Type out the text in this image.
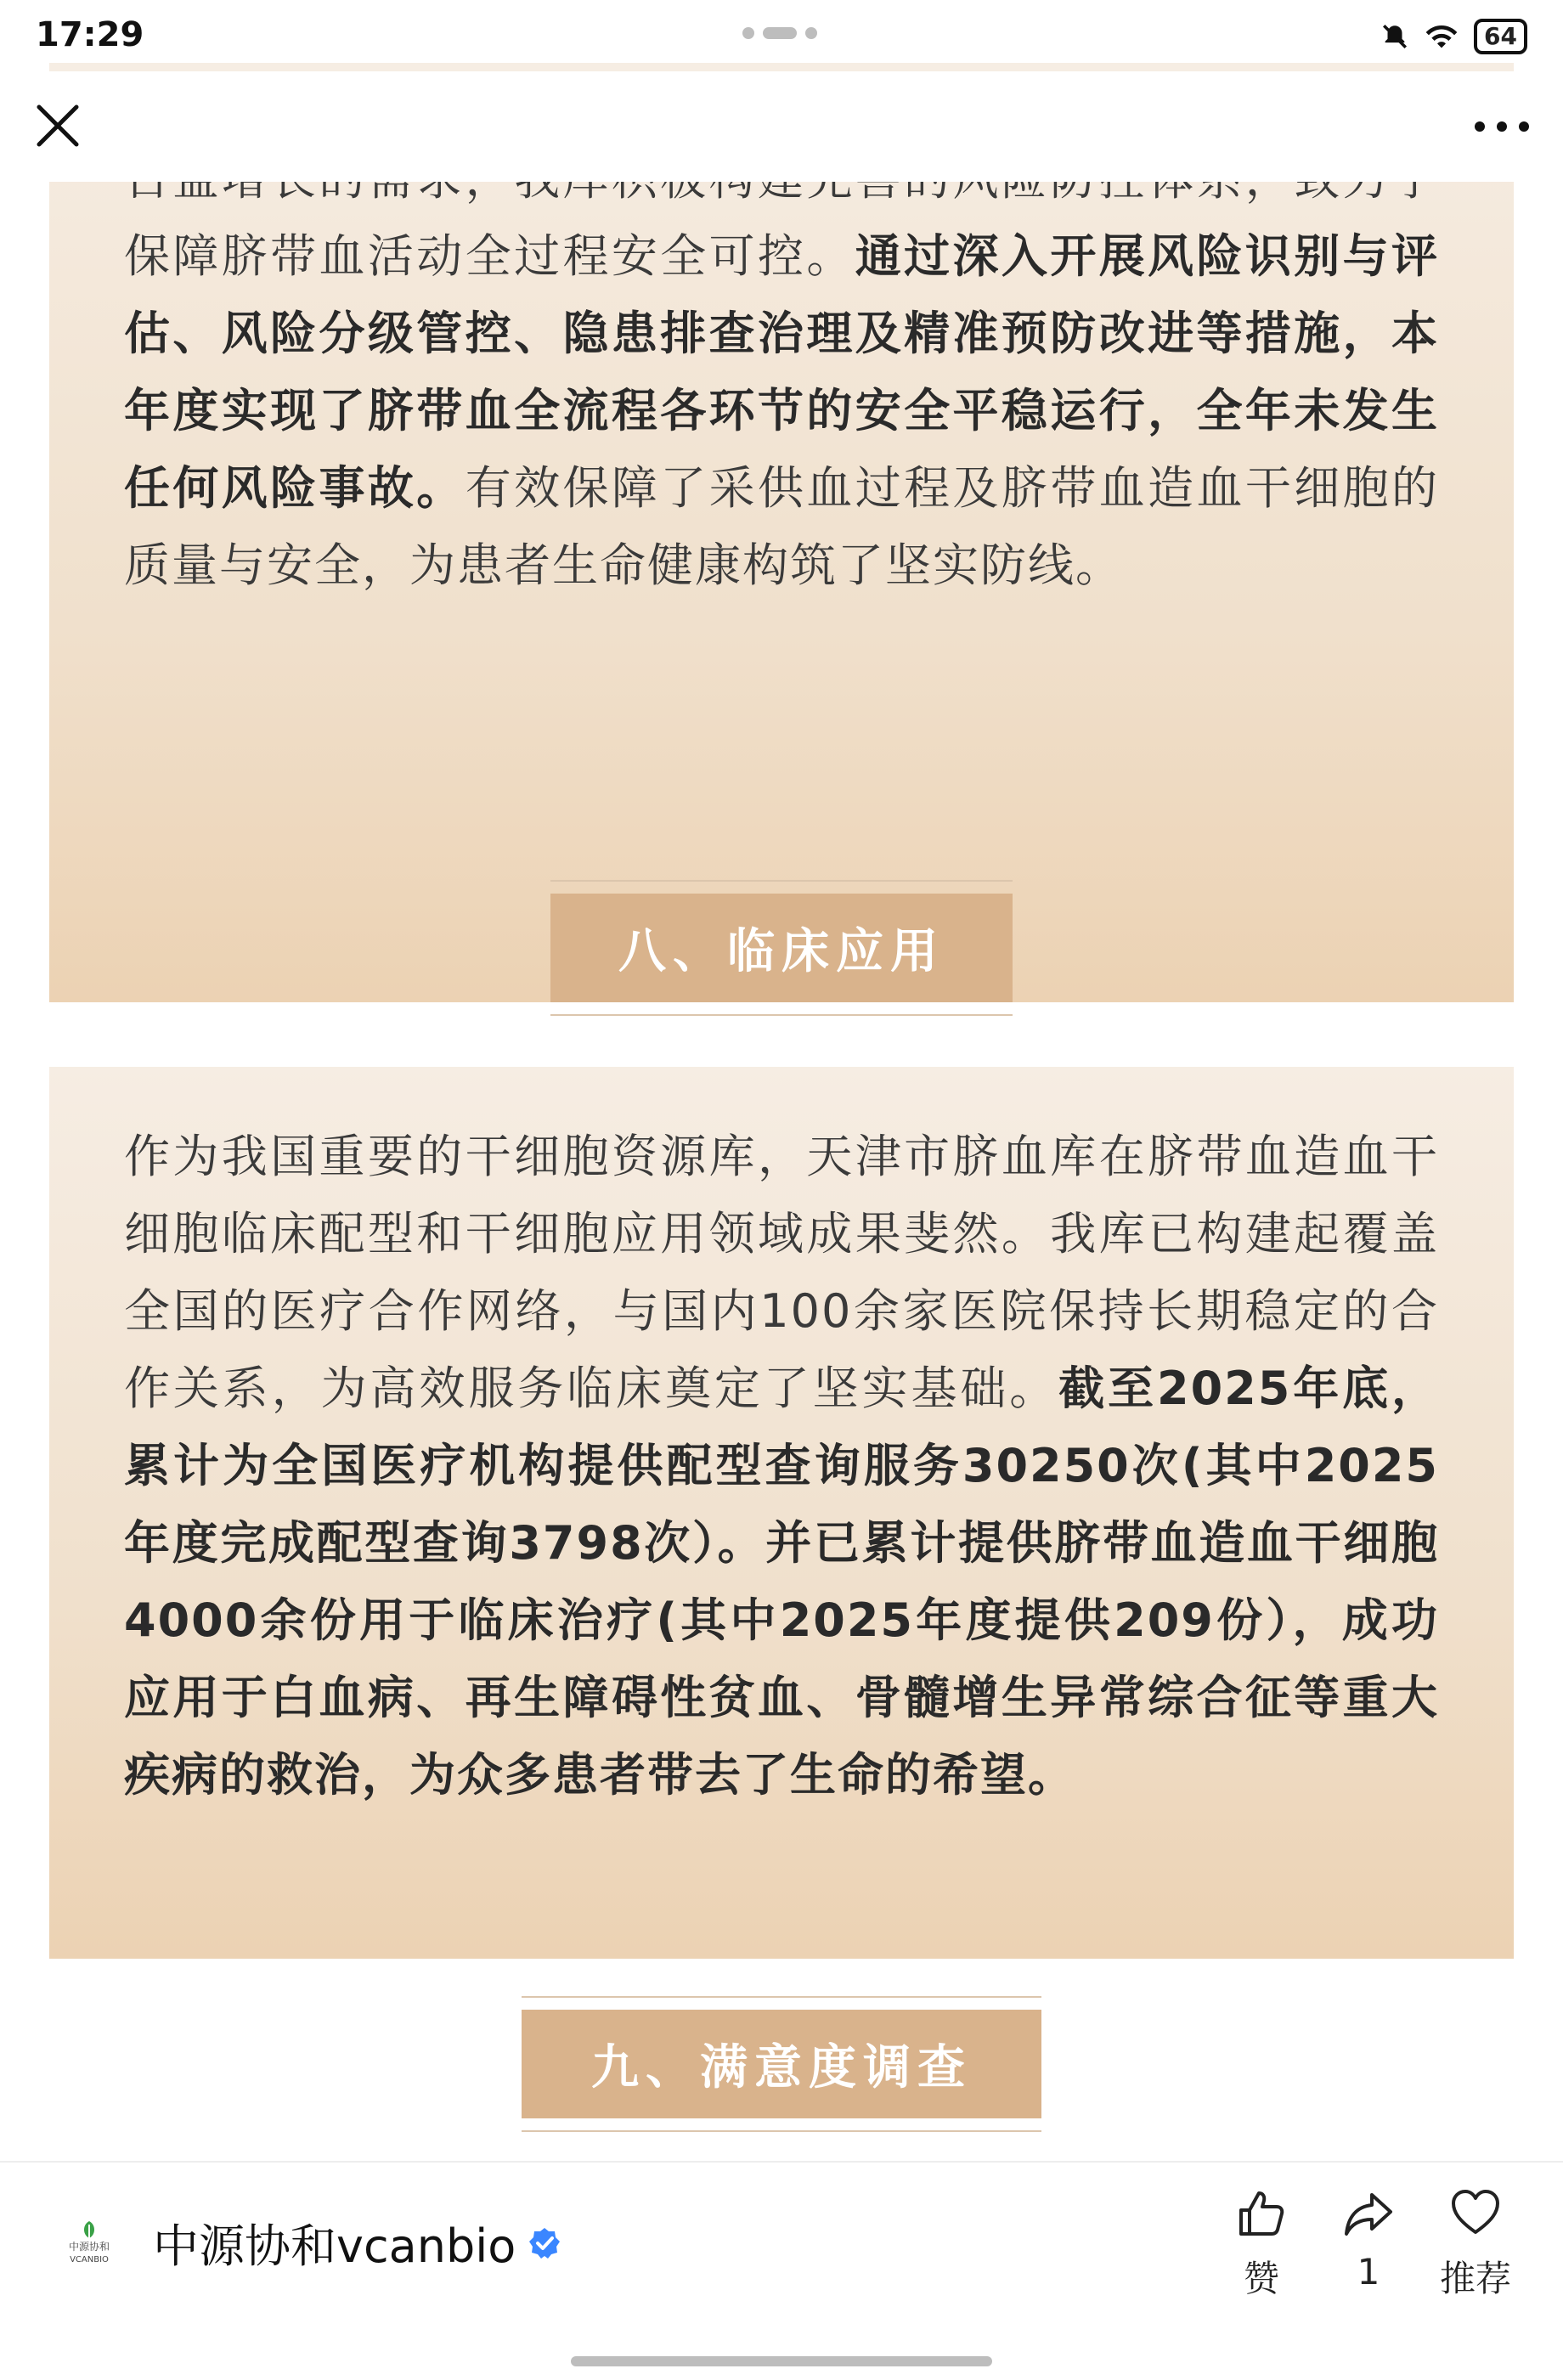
17:29	64
保障脐带血活动全过程安全可控。通过深入开展风险识别与评估、风险分级管控、隐患排查治理及精准预防改进等措施，本年度实现了脐带血全流程各环节的安全平稳运行，全年未发生任何风险事故。有效保障了采供血过程及脐带血造血干细胞的质量与安全，为患者生命健康构筑了坚实防线。
八、临床应用
作为我国重要的干细胞资源库，天津市脐血库在脐带血造血干细胞临床配型和干细胞应用领域成果斐然。我库已构建起覆盖全国的医疗合作网络，与国内100余家医院保持长期稳定的合作关系，为高效服务临床奠定了坚实基础。截至2025年底，累计为全国医疗机构提供配型查询服务30250次(其中2025年度完成配型查询3798次）。并已累计提供脐带血造血干细胞4000余份用于临床治疗(其中2025年度提供209份），成功应用于白血病、再生障碍性贫血、骨髓增生异常综合征等重大疾病的救治，为众多患者带去了生命的希望。
九、满意度调查
中源协和
VCANBIO 中源协和vcanbio
赞 1 推荐
